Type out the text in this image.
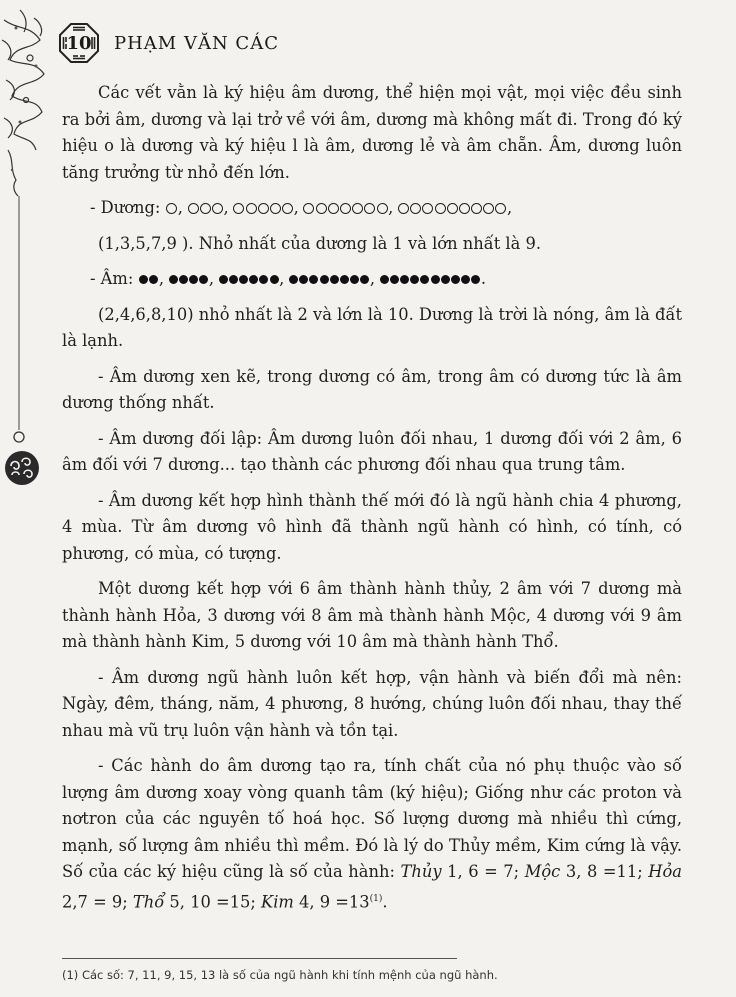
10	PHẠM VĂN CÁC

Các vết vằn là ký hiệu âm dương, thể hiện mọi vật, mọi việc đều sinh ra bởi âm, dương và lại trở về với âm, dương mà không mất đi. Trong đó ký hiệu o là dương và ký hiệu l là âm, dương lẻ và âm chẵn. Âm, dương luôn tăng trưởng từ nhỏ đến lớn.

- Dương: , ,	,	,	,

(1,3,5,7,9 ). Nhỏ nhất của dương là 1 và lớn nhất là 9.

- Âm: ,	,	,	,	.

(2,4,6,8,10) nhỏ nhất là 2 và lớn là 10. Dương là trời là nóng, âm là đất là lạnh.

- Âm dương xen kẽ, trong dương có âm, trong âm có dương tức là âm dương thống nhất.

- Âm dương đối lập: Âm dương luôn đối nhau, 1 dương đối với 2 âm, 6 âm đối với 7 dương... tạo thành các phương đối nhau qua trung tâm.

- Âm dương kết hợp hình thành thế mới đó là ngũ hành chia 4 phương, 4 mùa. Từ âm dương vô hình đã thành ngũ hành có hình, có tính, có phương, có mùa, có tượng.

Một dương kết hợp với 6 âm thành hành thủy, 2 âm với 7 dương mà thành hành Hỏa, 3 dương với 8 âm mà thành hành Mộc, 4 dương với 9 âm mà thành hành Kim, 5 dương với 10 âm mà thành hành Thổ.

- Âm dương ngũ hành luôn kết hợp, vận hành và biến đổi mà nên: Ngày, đêm, tháng, năm, 4 phương, 8 hướng, chúng luôn đối nhau, thay thế nhau mà vũ trụ luôn vận hành và tồn tại.

- Các hành do âm dương tạo ra, tính chất của nó phụ thuộc vào số lượng âm dương xoay vòng quanh tâm (ký hiệu); Giống như các proton và nơtron của các nguyên tố hoá học. Số lượng dương mà nhiều thì cứng, mạnh, số lượng âm nhiều thì mềm. Đó là lý do Thủy mềm, Kim cứng là vậy. Số của các ký hiệu cũng là số của hành: Thủy 1, 6 = 7; Mộc 3, 8 =11; Hỏa 2,7 = 9; Thổ 5, 10 =15; Kim 4, $9 =13^{(1)}$.

(1) Các số: 7, 11, 9, 15, 13 là số của ngũ hành khi tính mệnh của ngũ hành.
